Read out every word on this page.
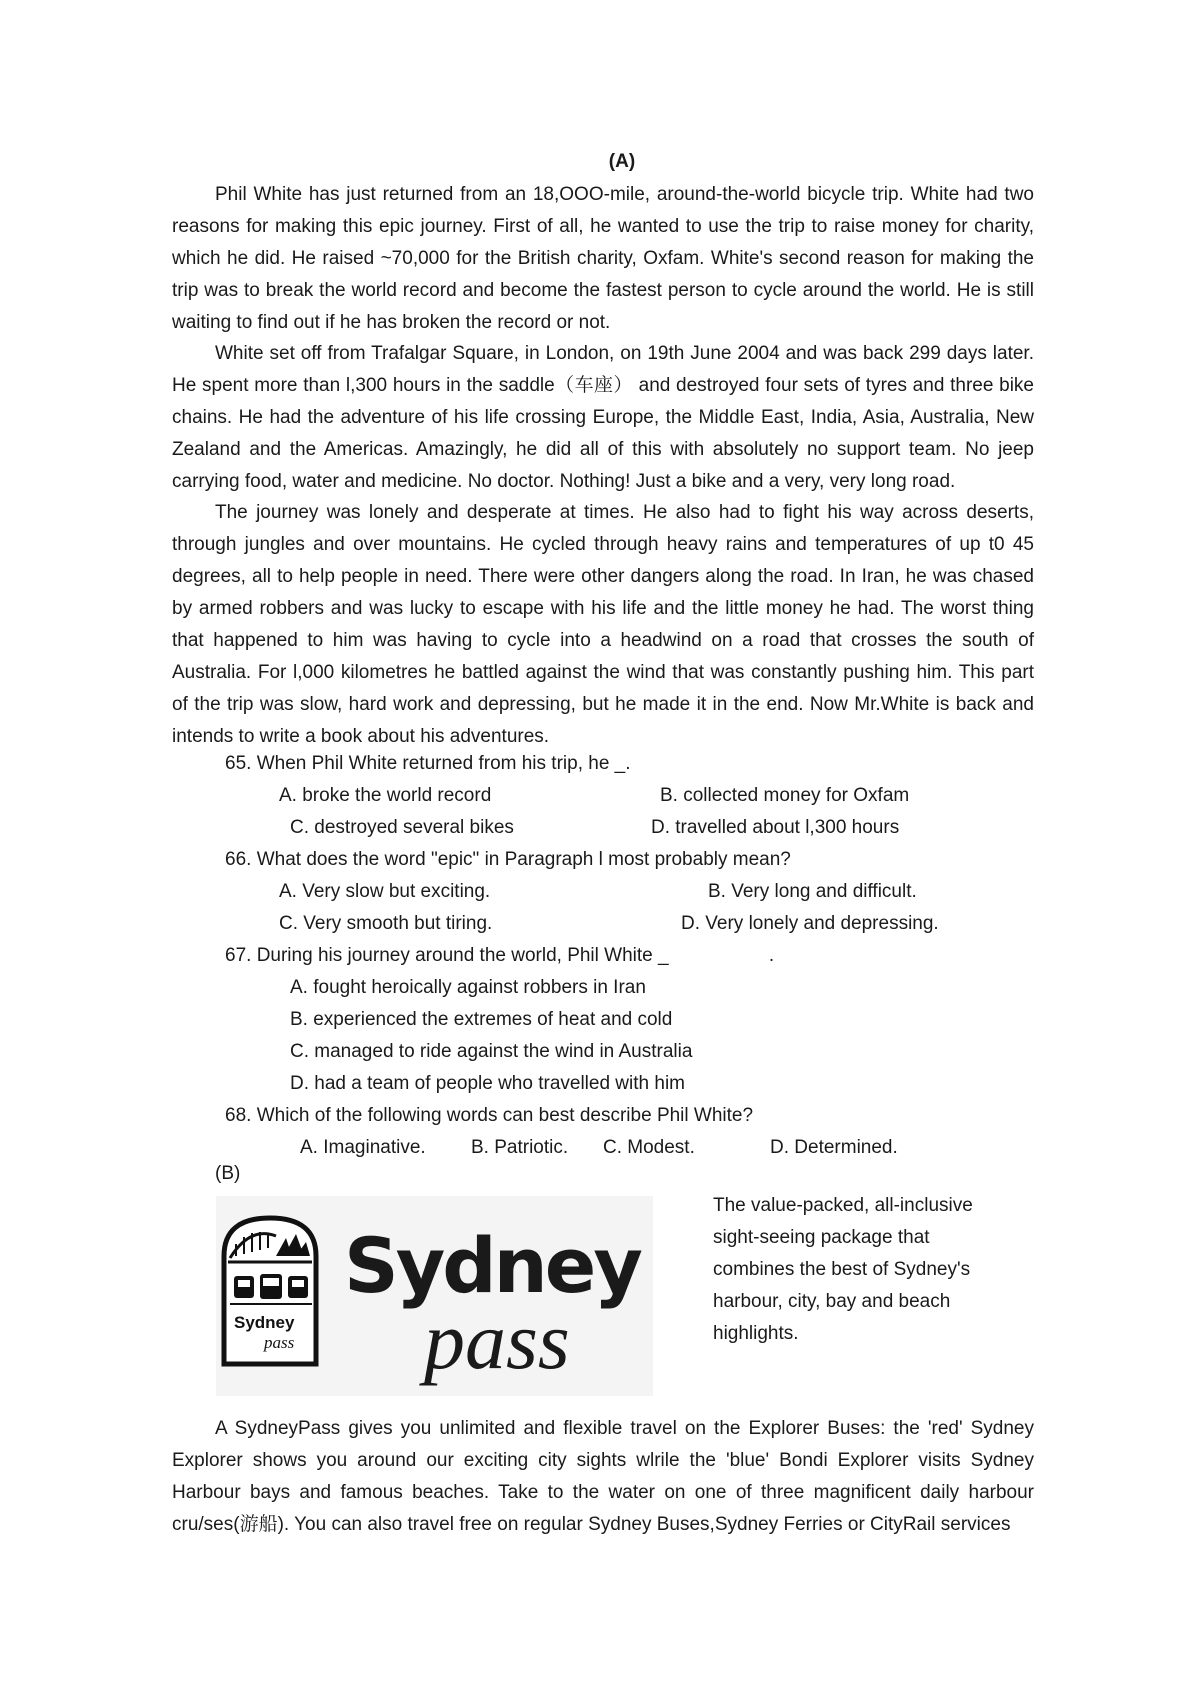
(A)

Phil White has just returned from an 18,OOO-mile, around-the-world bicycle trip. White had two reasons for making this epic journey. First of all, he wanted to use the trip to raise money for charity, which he did. He raised ~70,000 for the British charity, Oxfam. White's second reason for making the trip was to break the world record and become the fastest person to cycle around the world. He is still waiting to find out if he has broken the record or not.

White set off from Trafalgar Square, in London, on 19th June 2004 and was back 299 days later. He spent more than l,300 hours in the saddle（车座） and destroyed four sets of tyres and three bike chains. He had the adventure of his life crossing Europe, the Middle East, India, Asia, Australia, New Zealand and the Americas. Amazingly, he did all of this with absolutely no support team. No jeep carrying food, water and medicine. No doctor. Nothing! Just a bike and a very, very long road.

The journey was lonely and desperate at times. He also had to fight his way across deserts, through jungles and over mountains. He cycled through heavy rains and temperatures of up t0 45 degrees, all to help people in need. There were other dangers along the road. In Iran, he was chased by armed robbers and was lucky to escape with his life and the little money he had. The worst thing that happened to him was having to cycle into a headwind on a road that crosses the south of Australia. For l,000 kilometres he battled against the wind that was constantly pushing him. This part of the trip was slow, hard work and depressing, but he made it in the end. Now Mr.White is back and intends to write a book about his adventures.

65. When Phil White returned from his trip, he _.
A. broke the world record	B. collected money for Oxfam
C. destroyed several bikes	D. travelled about l,300 hours
66. What does the word "epic" in Paragraph l most probably mean?
A. Very slow but exciting.	B. Very long and difficult.
C. Very smooth but tiring.	D. Very lonely and depressing.
67. During his journey around the world, Phil White _                   .
A. fought heroically against robbers in Iran
B. experienced the extremes of heat and cold
C. managed to ride against the wind in Australia
D. had a team of people who travelled with him
68. Which of the following words can best describe Phil White?
A. Imaginative. B. Patriotic. C. Modest.	D. Determined.
(B)
Sydney
pass
Sydney
pass

The value-packed, all-inclusive sight-seeing package that combines the best of Sydney's harbour, city, bay and beach highlights.

A SydneyPass gives you unlimited and flexible travel on the Explorer Buses: the 'red' Sydney Explorer shows you around our exciting city sights wlrile the 'blue' Bondi Explorer visits Sydney Harbour bays and famous beaches. Take to the water on one of three magnificent daily harbour cru/ses(游船). You can also travel free on regular Sydney Buses,Sydney Ferries or CityRail services
